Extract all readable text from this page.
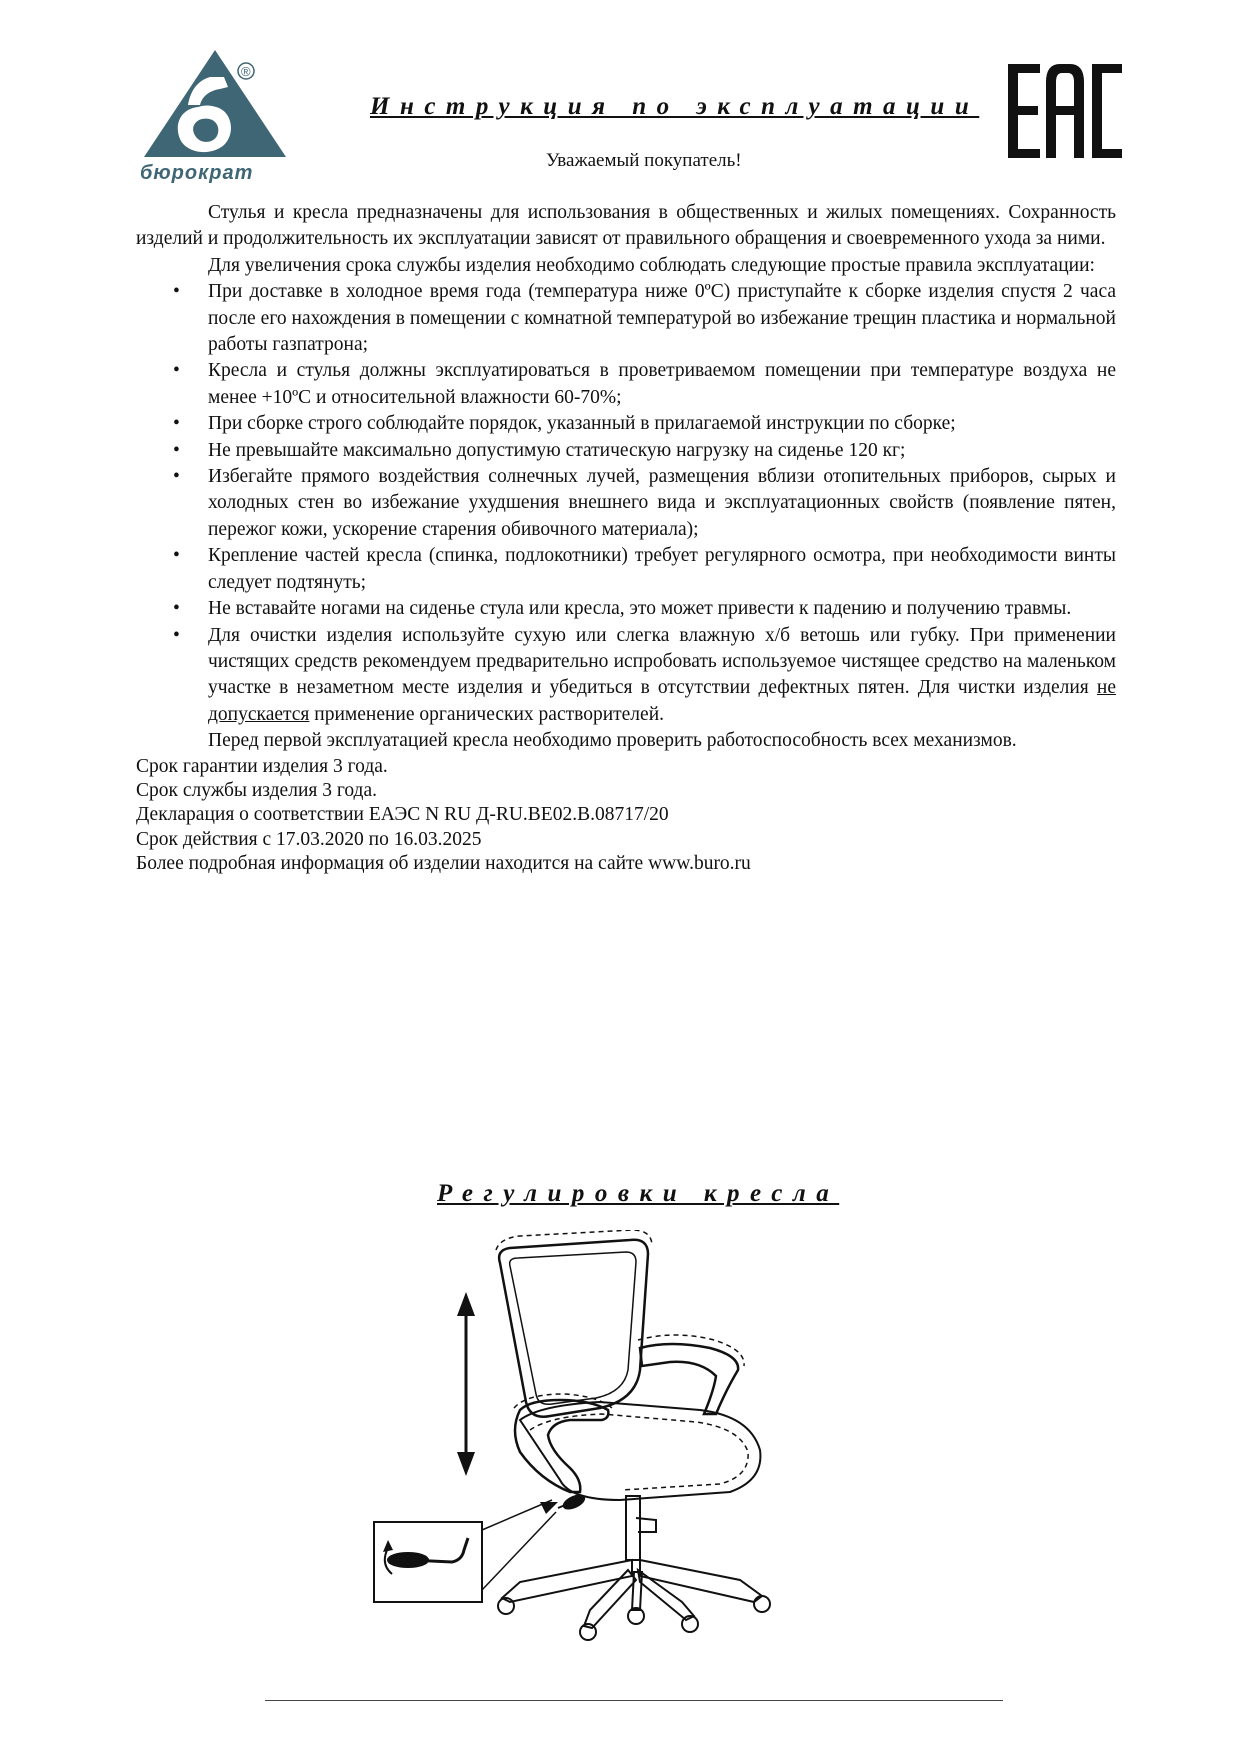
®
бюрократ
Инструкция по эксплуатации
Уважаемый покупатель!

Стулья и кресла предназначены для использования в общественных и жилых помещениях. Сохранность изделий и продолжительность их эксплуатации зависят от правильного обращения и своевременного ухода за ними.

Для увеличения срока службы изделия необходимо соблюдать следующие простые правила эксплуатации:

• При доставке в холодное время года (температура ниже 0ºС) приступайте к сборке изделия спустя 2 часа после его нахождения в помещении с комнатной температурой во избежание трещин пластика и нормальной работы газпатрона;
• Кресла и стулья должны эксплуатироваться в проветриваемом помещении при температуре воздуха не менее +10ºС и относительной влажности 60-70%;
• При сборке строго соблюдайте порядок, указанный в прилагаемой инструкции по сборке;
• Не превышайте максимально допустимую статическую нагрузку на сиденье 120 кг;
• Избегайте прямого воздействия солнечных лучей, размещения вблизи отопительных приборов, сырых и холодных стен во избежание ухудшения внешнего вида и эксплуатационных свойств (появление пятен, пережог кожи, ускорение старения обивочного материала);
• Крепление частей кресла (спинка, подлокотники) требует регулярного осмотра, при необходимости винты следует подтянуть;
• Не вставайте ногами на сиденье стула или кресла, это может привести к падению и получению травмы.
• Для очистки изделия используйте сухую или слегка влажную х/б ветошь или губку. При применении чистящих средств рекомендуем предварительно испробовать используемое чистящее средство на маленьком участке в незаметном месте изделия и убедиться в отсутствии дефектных пятен. Для чистки изделия не допускается применение органических растворителей.

Перед первой эксплуатацией кресла необходимо проверить работоспособность всех механизмов.

Срок гарантии изделия 3 года.

Срок службы изделия 3 года.

Декларация о соответствии ЕАЭС N RU Д-RU.BE02.B.08717/20

Срок действия с 17.03.2020 по 16.03.2025

Более подробная информация об изделии находится на сайте www.buro.ru

Регулировки кресла
